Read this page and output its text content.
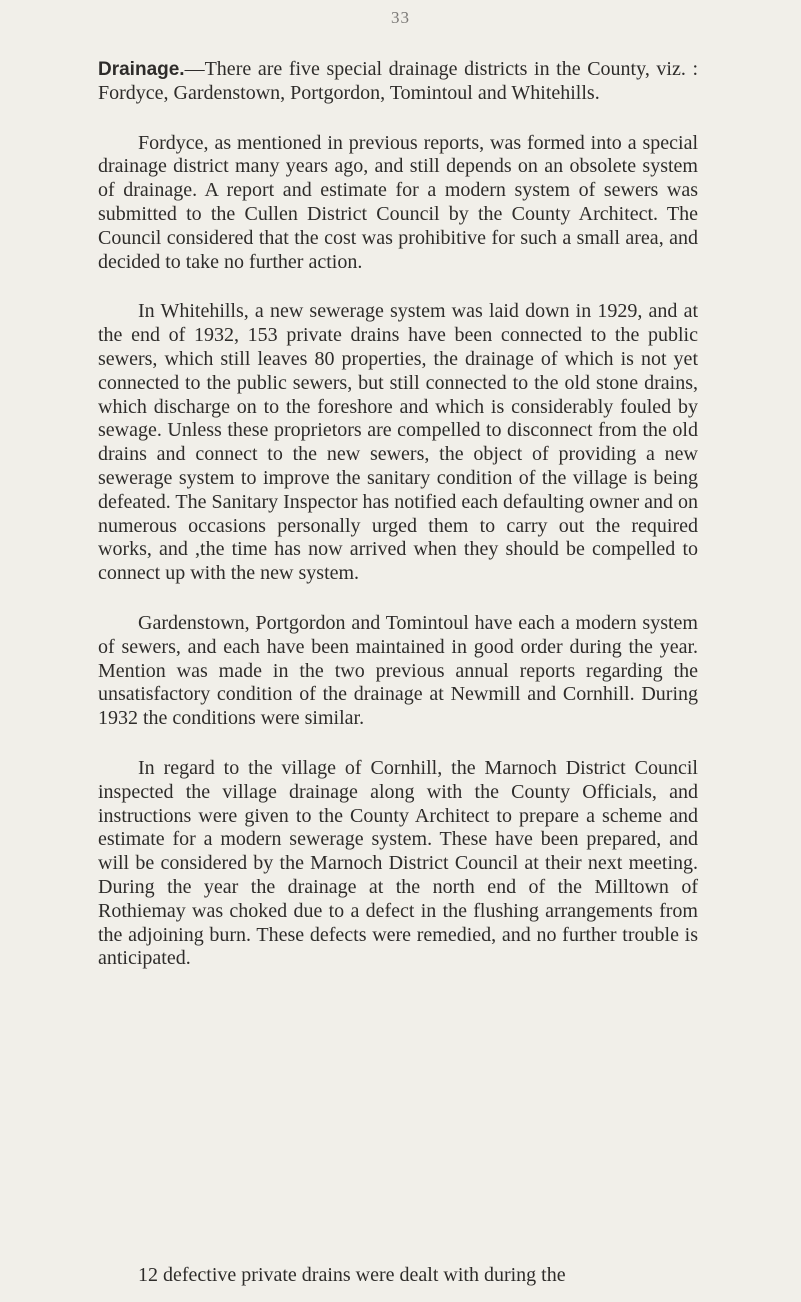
33

Drainage.—There are five special drainage districts in the County, viz. : Fordyce, Gardenstown, Portgordon, Tomintoul and Whitehills.

Fordyce, as mentioned in previous reports, was formed into a special drainage district many years ago, and still depends on an obsolete system of drainage. A report and estimate for a modern system of sewers was submitted to the Cullen District Council by the County Architect. The Council considered that the cost was prohibitive for such a small area, and decided to take no further action.

In Whitehills, a new sewerage system was laid down in 1929, and at the end of 1932, 153 private drains have been connected to the public sewers, which still leaves 80 properties, the drainage of which is not yet connected to the public sewers, but still connected to the old stone drains, which discharge on to the foreshore and which is considerably fouled by sewage. Unless these proprietors are compelled to disconnect from the old drains and connect to the new sewers, the object of providing a new sewerage system to improve the sanitary condition of the village is being defeated. The Sanitary Inspector has notified each defaulting owner and on numerous occasions personally urged them to carry out the required works, and ,the time has now arrived when they should be compelled to connect up with the new system.

Gardenstown, Portgordon and Tomintoul have each a modern system of sewers, and each have been maintained in good order during the year. Mention was made in the two previous annual reports regarding the unsatisfactory condition of the drainage at Newmill and Cornhill. During 1932 the conditions were similar.

In regard to the village of Cornhill, the Marnoch District Council inspected the village drainage along with the County Officials, and instructions were given to the County Architect to prepare a scheme and estimate for a modern sewerage system. These have been prepared, and will be considered by the Marnoch District Council at their next meeting. During the year the drainage at the north end of the Milltown of Rothiemay was choked due to a defect in the flushing arrangements from the adjoining burn. These defects were remedied, and no further trouble is anticipated.

12 defective private drains were dealt with during the
